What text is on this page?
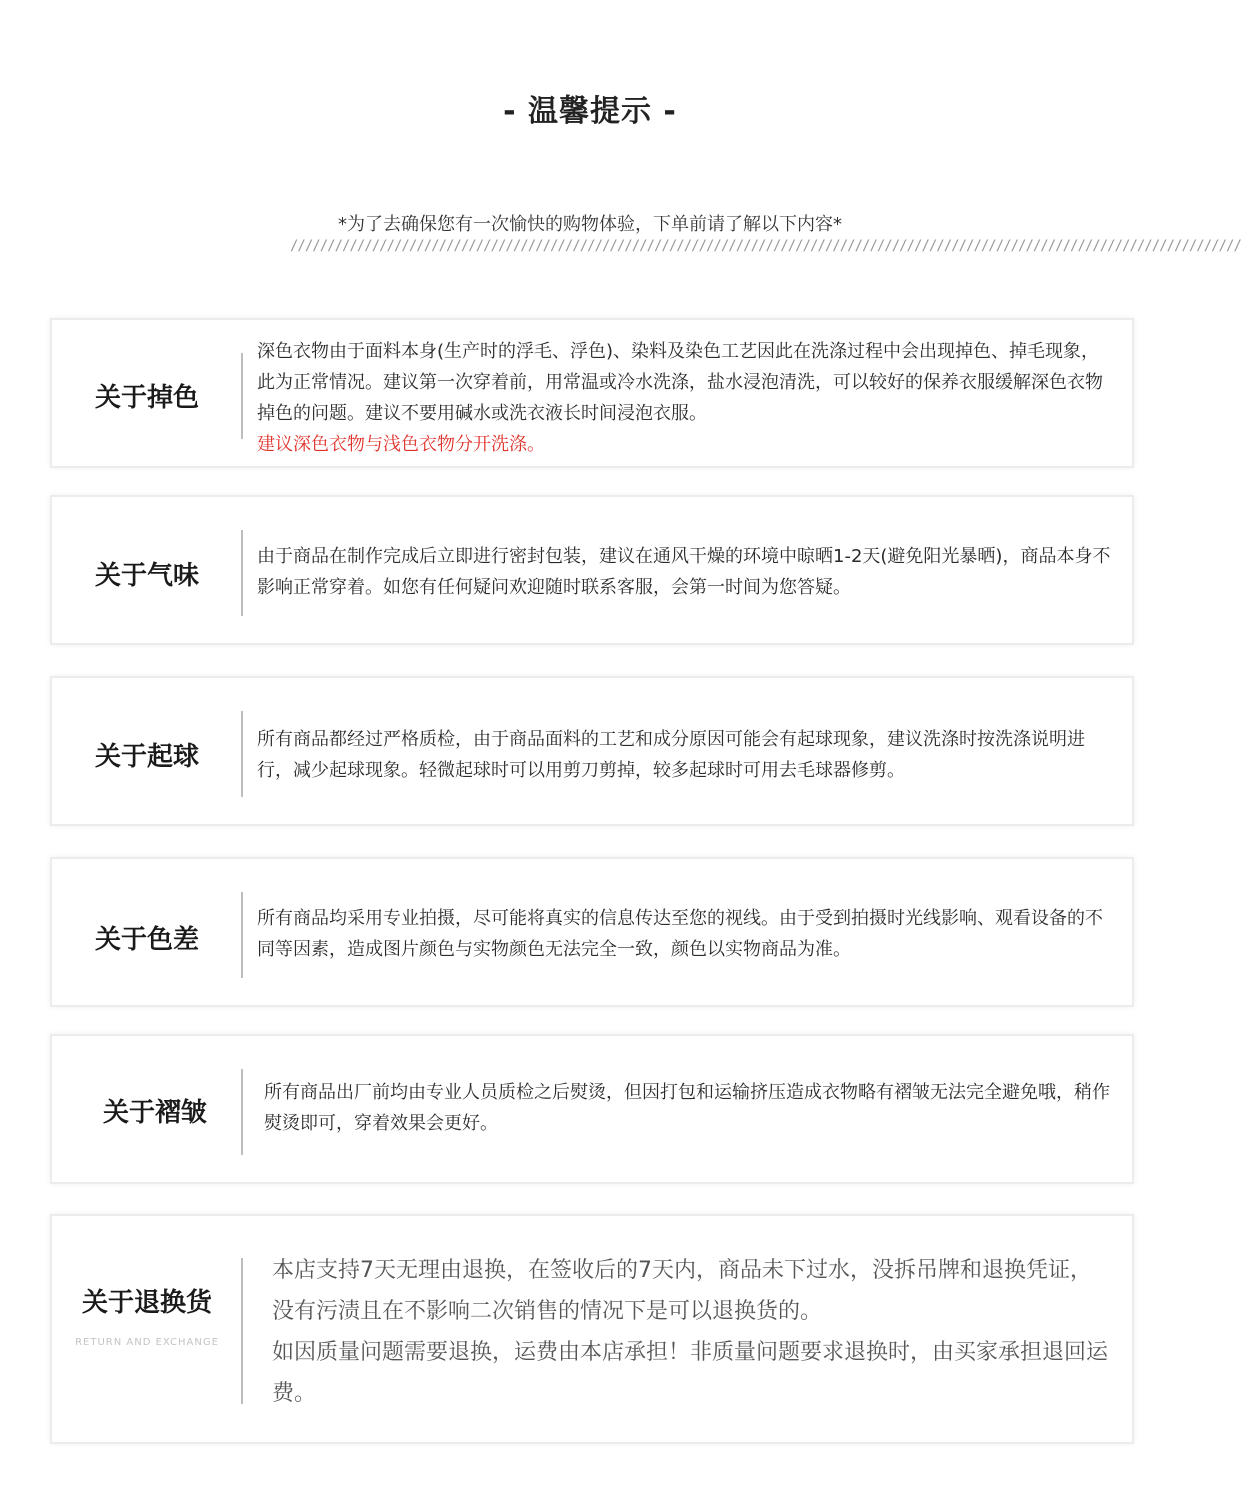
- 温馨提示 -
*为了去确保您有一次愉快的购物体验，下单前请了解以下内容*
////////////////////////////////////////////////////////////////////////////////////////////////////////////////////////////////
关于掉色
深色衣物由于面料本身(生产时的浮毛、浮色)、染料及染色工艺因此在洗涤过程中会出现掉色、掉毛现象，此为正常情况。建议第一次穿着前，用常温或冷水洗涤，盐水浸泡清洗，可以较好的保养衣服缓解深色衣物掉色的问题。建议不要用碱水或洗衣液长时间浸泡衣服。
建议深色衣物与浅色衣物分开洗涤。
关于气味
由于商品在制作完成后立即进行密封包装，建议在通风干燥的环境中晾晒1-2天(避免阳光暴晒)，商品本身不影响正常穿着。如您有任何疑问欢迎随时联系客服，会第一时间为您答疑。
关于起球
所有商品都经过严格质检，由于商品面料的工艺和成分原因可能会有起球现象，建议洗涤时按洗涤说明进行，减少起球现象。轻微起球时可以用剪刀剪掉，较多起球时可用去毛球器修剪。
关于色差
所有商品均采用专业拍摄，尽可能将真实的信息传达至您的视线。由于受到拍摄时光线影响、观看设备的不同等因素，造成图片颜色与实物颜色无法完全一致，颜色以实物商品为准。
关于褶皱
所有商品出厂前均由专业人员质检之后熨烫，但因打包和运输挤压造成衣物略有褶皱无法完全避免哦，稍作熨烫即可，穿着效果会更好。
关于退换货
RETURN AND EXCHANGE
本店支持7天无理由退换，在签收后的7天内，商品未下过水，没拆吊牌和退换凭证，没有污渍且在不影响二次销售的情况下是可以退换货的。
如因质量问题需要退换，运费由本店承担！非质量问题要求退换时，由买家承担退回运费。
